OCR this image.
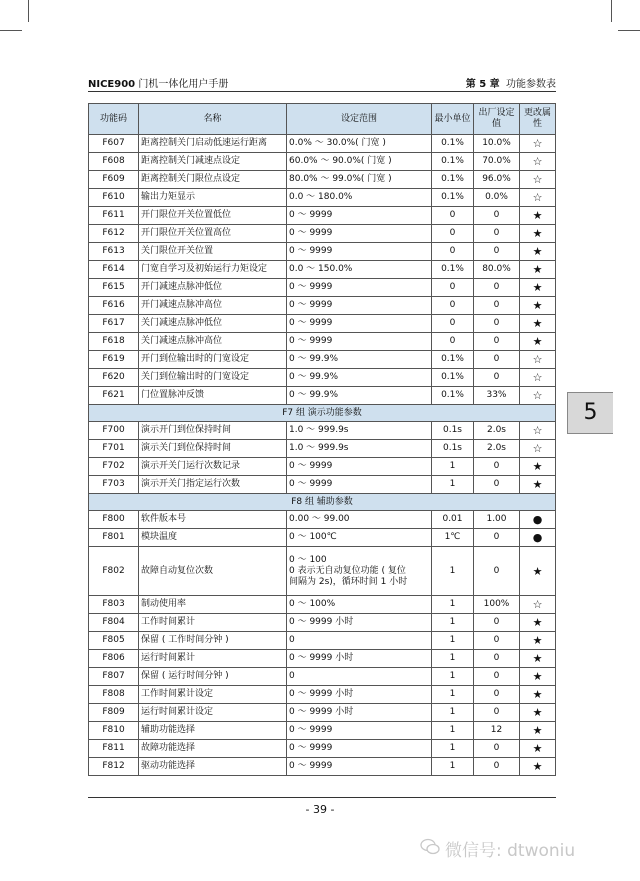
NICE900 门机一体化用户手册	第 5 章 功能参数表
功能码	名称	设定范围	最小单位	出厂设定值	更改属性
F607	距离控制关门启动低速运行距离	0.0% ～ 30.0%( 门宽 )	0.1%	10.0%	☆
F608	距离控制关门减速点设定	60.0% ～ 90.0%( 门宽 )	0.1%	70.0%	☆
F609	距离控制关门限位点设定	80.0% ～ 99.0%( 门宽 )	0.1%	96.0%	☆
F610	输出力矩显示	0.0 ～ 180.0%	0.1%	0.0%	☆
F611	开门限位开关位置低位	0 ～ 9999	0	0	★
F612	开门限位开关位置高位	0 ～ 9999	0	0	★
F613	关门限位开关位置	0 ～ 9999	0	0	★
F614	门宽自学习及初始运行力矩设定	0.0 ～ 150.0%	0.1%	80.0%	★
F615	开门减速点脉冲低位	0 ～ 9999	0	0	★
F616	开门减速点脉冲高位	0 ～ 9999	0	0	★
F617	关门减速点脉冲低位	0 ～ 9999	0	0	★
F618	关门减速点脉冲高位	0 ～ 9999	0	0	★
F619	开门到位输出时的门宽设定	0 ～ 99.9%	0.1%	0	☆
F620	关门到位输出时的门宽设定	0 ～ 99.9%	0.1%	0	☆
F621	门位置脉冲反馈	0 ～ 99.9%	0.1%	33%	☆
F7 组 演示功能参数					
F700	演示开门到位保持时间	1.0 ～ 999.9s	0.1s	2.0s	☆
F701	演示关门到位保持时间	1.0 ～ 999.9s	0.1s	2.0s	☆
F702	演示开关门运行次数记录	0 ～ 9999	1	0	★
F703	演示开关门指定运行次数	0 ～ 9999	1	0	★
F8 组 辅助参数					
F800	软件版本号	0.00 ～ 99.00	0.01	1.00	●
F801	模块温度	0 ～ 100℃	1℃	0	●
F802	故障自动复位次数	0 ～ 100
0 表示无自动复位功能 ( 复位
间隔为 2s)，循环时间 1 小时	1	0	★
F803	制动使用率	0 ～ 100%	1	100%	☆
F804	工作时间累计	0 ～ 9999 小时	1	0	★
F805	保留 ( 工作时间分钟 )	0	1	0	★
F806	运行时间累计	0 ～ 9999 小时	1	0	★
F807	保留 ( 运行时间分钟 )	0	1	0	★
F808	工作时间累计设定	0 ～ 9999 小时	1	0	★
F809	运行时间累计设定	0 ～ 9999 小时	1	0	★
F810	辅助功能选择	0 ～ 9999	1	12	★
F811	故障功能选择	0 ～ 9999	1	0	★
F812	驱动功能选择	0 ～ 9999	1	0	★
5
- 39 -
微信号: dtwoniu
